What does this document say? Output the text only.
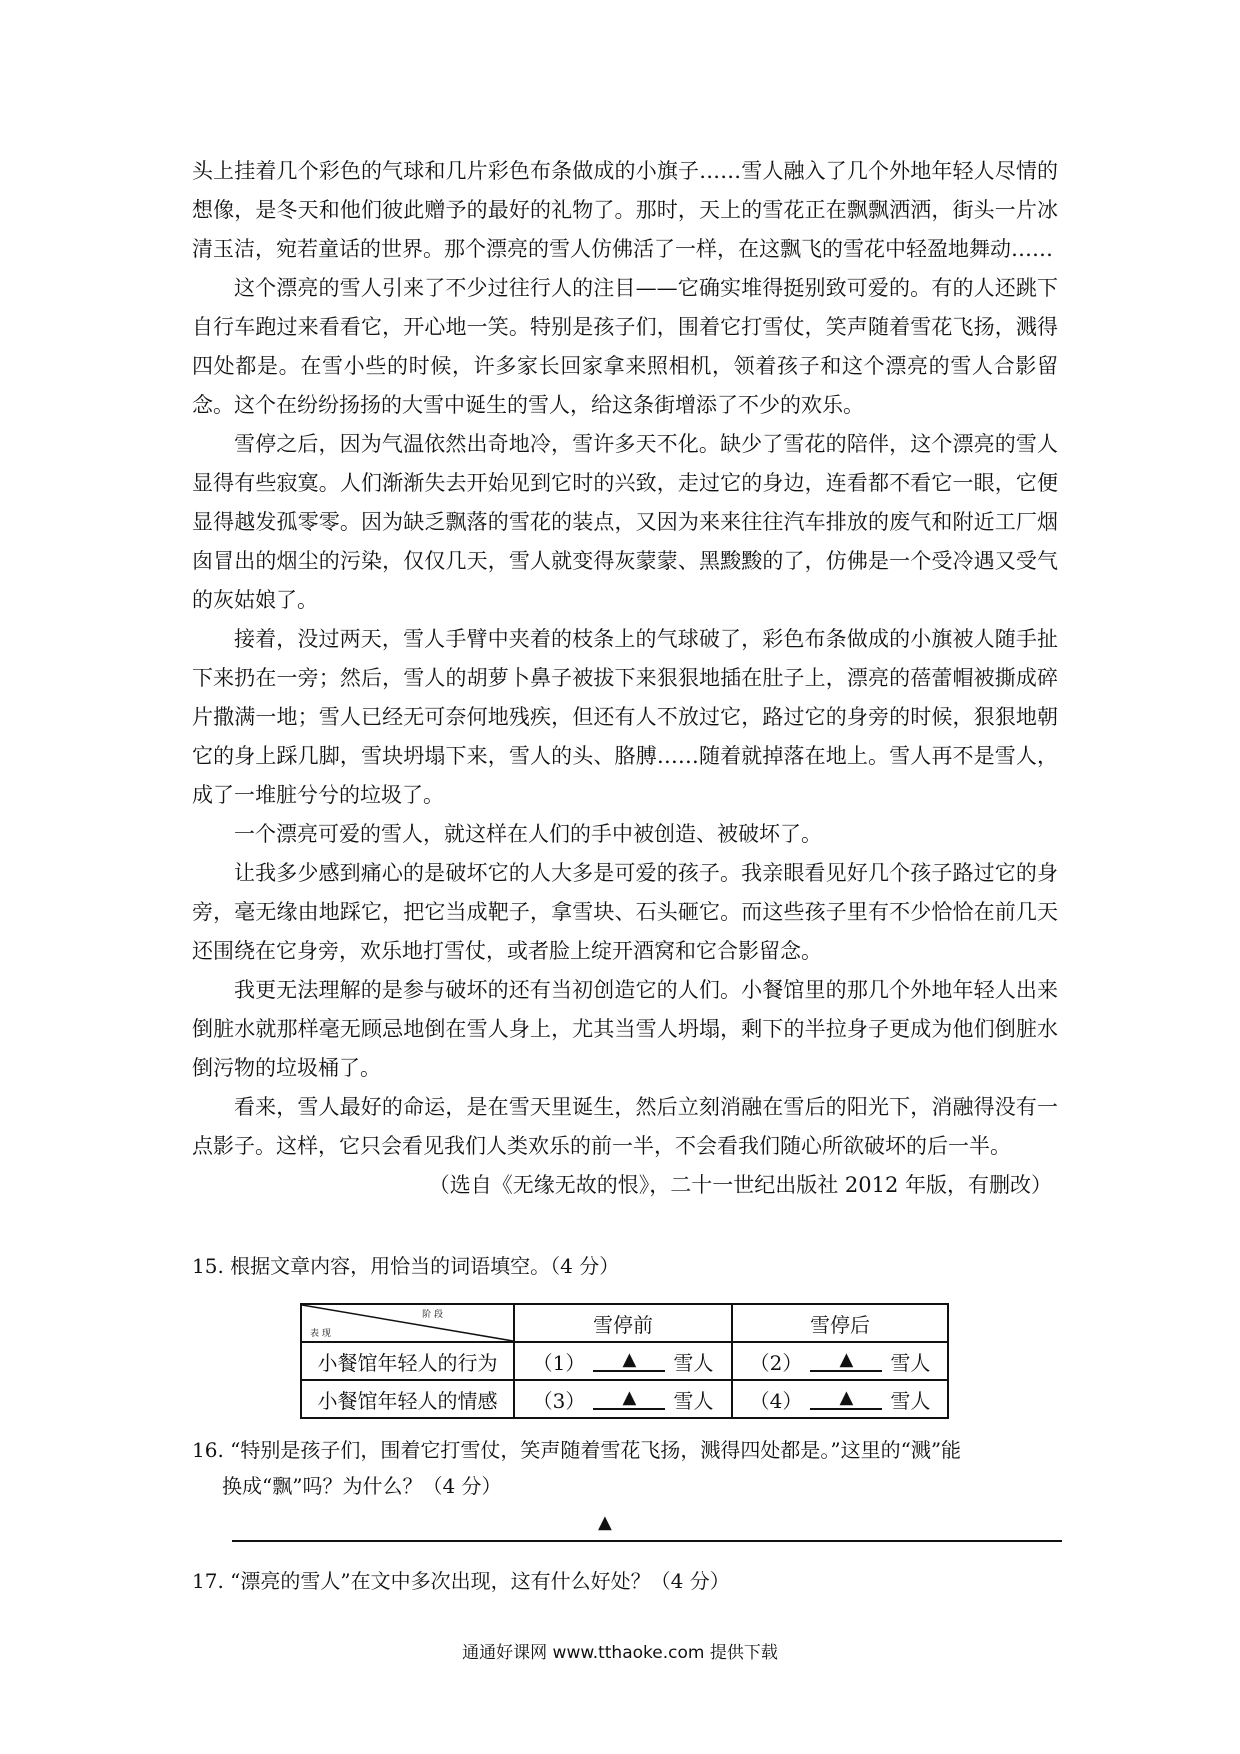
头上挂着几个彩色的气球和几片彩色布条做成的小旗子……雪人融入了几个外地年轻人尽情的想像，是冬天和他们彼此赠予的最好的礼物了。那时，天上的雪花正在飘飘洒洒，街头一片冰清玉洁，宛若童话的世界。那个漂亮的雪人仿佛活了一样，在这飘飞的雪花中轻盈地舞动……

这个漂亮的雪人引来了不少过往行人的注目——它确实堆得挺别致可爱的。有的人还跳下自行车跑过来看看它，开心地一笑。特别是孩子们，围着它打雪仗，笑声随着雪花飞扬，溅得四处都是。在雪小些的时候，许多家长回家拿来照相机，领着孩子和这个漂亮的雪人合影留念。这个在纷纷扬扬的大雪中诞生的雪人，给这条街增添了不少的欢乐。

雪停之后，因为气温依然出奇地冷，雪许多天不化。缺少了雪花的陪伴，这个漂亮的雪人显得有些寂寞。人们渐渐失去开始见到它时的兴致，走过它的身边，连看都不看它一眼，它便显得越发孤零零。因为缺乏飘落的雪花的装点，又因为来来往往汽车排放的废气和附近工厂烟囱冒出的烟尘的污染，仅仅几天，雪人就变得灰蒙蒙、黑黢黢的了，仿佛是一个受冷遇又受气的灰姑娘了。

接着，没过两天，雪人手臂中夹着的枝条上的气球破了，彩色布条做成的小旗被人随手扯下来扔在一旁；然后，雪人的胡萝卜鼻子被拔下来狠狠地插在肚子上，漂亮的蓓蕾帽被撕成碎片撒满一地；雪人已经无可奈何地残疾，但还有人不放过它，路过它的身旁的时候，狠狠地朝它的身上踩几脚，雪块坍塌下来，雪人的头、胳膊……随着就掉落在地上。雪人再不是雪人，成了一堆脏兮兮的垃圾了。

一个漂亮可爱的雪人，就这样在人们的手中被创造、被破坏了。

让我多少感到痛心的是破坏它的人大多是可爱的孩子。我亲眼看见好几个孩子路过它的身旁，毫无缘由地踩它，把它当成靶子，拿雪块、石头砸它。而这些孩子里有不少恰恰在前几天还围绕在它身旁，欢乐地打雪仗，或者脸上绽开酒窝和它合影留念。

我更无法理解的是参与破坏的还有当初创造它的人们。小餐馆里的那几个外地年轻人出来倒脏水就那样毫无顾忌地倒在雪人身上，尤其当雪人坍塌，剩下的半拉身子更成为他们倒脏水倒污物的垃圾桶了。

看来，雪人最好的命运，是在雪天里诞生，然后立刻消融在雪后的阳光下，消融得没有一点影子。这样，它只会看见我们人类欢乐的前一半，不会看我们随心所欲破坏的后一半。

（选自《无缘无故的恨》，二十一世纪出版社 2012 年版，有删改）

15. 根据文章内容，用恰当的词语填空。（4 分）
阶 段
表 现	雪停前	雪停后
小餐馆年轻人的行为	（1） ▲ 雪人	（2） ▲ 雪人

小餐馆年轻人的情感	（3） ▲ 雪人	（4） ▲ 雪人
16. “特别是孩子们，围着它打雪仗，笑声随着雪花飞扬，溅得四处都是。”这里的“溅”能
换成“飘”吗？为什么？（4 分）
▲
17. “漂亮的雪人”在文中多次出现，这有什么好处？（4 分）
通通好课网 www.tthaoke.com 提供下载
